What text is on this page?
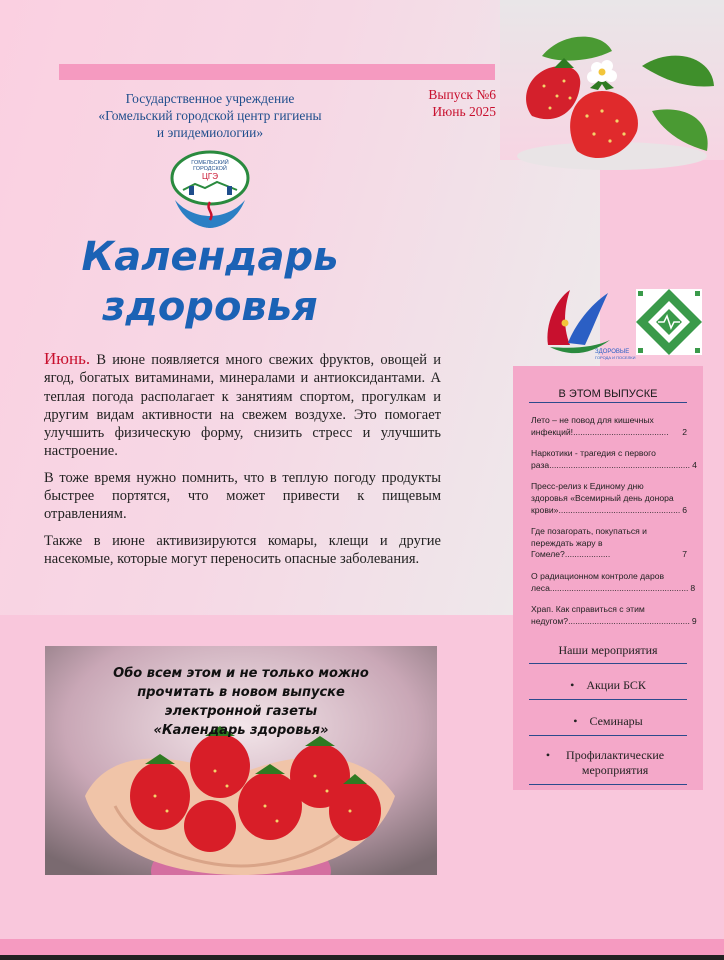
Государственное учреждение
«Гомельский городской центр гигиены
и эпидемиологии»
Выпуск №6
Июнь 2025
ГОМЕЛЬСКИЙ
ГОРОДСКОЙ
ЦГЭ
Календарь
здоровья
ЗДОРОВЫЕ
ГОРОДА И ПОСЕЛКИ

Июнь. В июне появляется много свежих фруктов, овощей и ягод, богатых витаминами, минералами и антиоксидантами. А теплая погода располагает к занятиям спортом, прогулкам и другим видам активности на свежем воздухе. Это помогает улучшить физическую форму, снизить стресс и улучшить настроение.

В тоже время нужно помнить, что в теплую погоду продукты быстрее портятся, что может привести к пищевым отравлениям.

Также в июне активизируются комары, клещи и другие насекомые, которые могут переносить опасные заболевания.

Обо всем этом и не только можно
прочитать в новом выпуске
электронной газеты
«Календарь здоровья»
В ЭТОМ ВЫПУСКЕ
Лето – не повод для кишечных инфекций!........................................	2
Наркотики - трагедия с первого раза........................................................... 4
Пресс-релиз к Единому дню здоровья «Всемирный день донора крови»................................................... 6
Где позагорать, покупаться и переждать жару в Гомеле?...................	7
О радиационном контроле даров леса.......................................................... 8
Храп. Как справиться с этим недугом?................................................... 9
Наши мероприятия
• Акции БСК
• Семинары
•	Профилактические мероприятия
